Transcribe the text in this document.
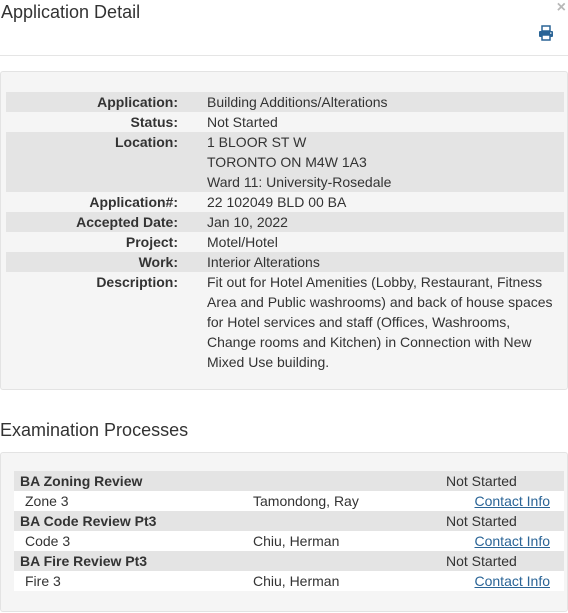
Application Detail	×
Application:	Building Additions/Alterations

Status:	Not Started

Location:	1 BLOOR ST W
TORONTO ON M4W 1A3
Ward 11: University-Rosedale

Application#:	22 102049 BLD 00 BA

Accepted Date:	Jan 10, 2022

Project:	Motel/Hotel

Work:	Interior Alterations

Description:	Fit out for Hotel Amenities (Lobby, Restaurant, Fitness Area and Public washrooms) and back of house spaces for Hotel services and staff (Offices, Washrooms, Change rooms and Kitchen) in Connection with New Mixed Use building.
Examination Processes
BA Zoning Review		Not Started
Zone 3	Tamondong, Ray	Contact Info
BA Code Review Pt3		Not Started
Code 3	Chiu, Herman	Contact Info
BA Fire Review Pt3		Not Started
Fire 3	Chiu, Herman	Contact Info
